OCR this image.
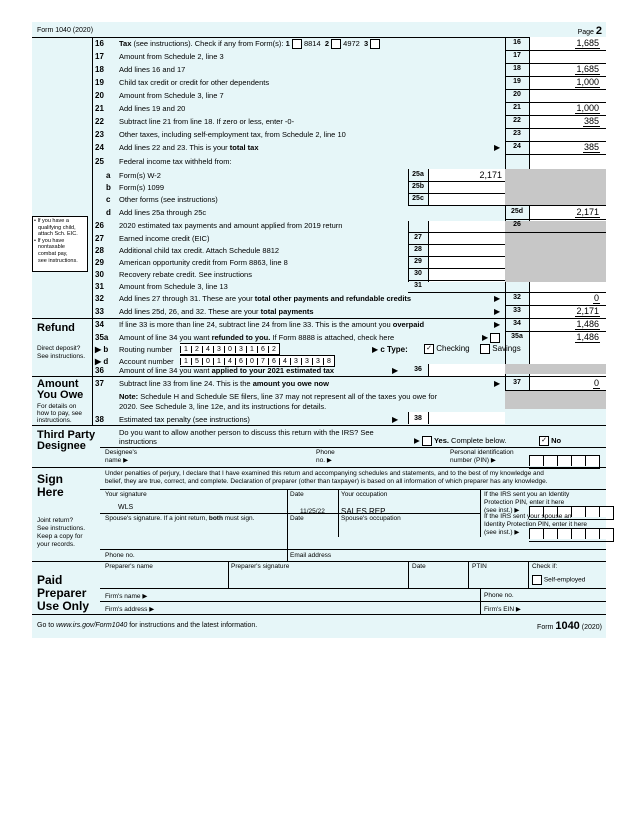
Form 1040 (2020)	Page 2
16 Tax (see instructions). Check if any from Form(s): 1 8814 2 4972 3	16	1,685
17 Amount from Schedule 2, line 3	17
18 Add lines 16 and 17	18	1,685
19 Child tax credit or credit for other dependents	19	1,000
20 Amount from Schedule 3, line 7	20
21 Add lines 19 and 20	21	1,000
22 Subtract line 21 from line 18. If zero or less, enter -0-	22	385
23 Other taxes, including self-employment tax, from Schedule 2, line 10	23
24 Add lines 22 and 23. This is your total tax	▶	24	385
25 Federal income tax withheld from:
a Form(s) W-2	25a	2,171
b Form(s) 1099	25b
c Other forms (see instructions)	25c
d Add lines 25a through 25c	25d	2,171
26 2020 estimated tax payments and amount applied from 2019 return	26
27 Earned income credit (EIC)	27
28 Additional child tax credit. Attach Schedule 8812	28
29 American opportunity credit from Form 8863, line 8	29
30 Recovery rebate credit. See instructions	30
31 Amount from Schedule 3, line 13	31
32 Add lines 27 through 31. These are your total other payments and refundable credits	▶	32	0
33 Add lines 25d, 26, and 32. These are your total payments	▶	33	2,171
Refund
Direct deposit?
See instructions.
34 If line 33 is more than line 24, subtract line 24 from line 33. This is the amount you overpaid	▶	34	1,486
35a Amount of line 34 you want refunded to you. If Form 8888 is attached, check here	▶	35a	1,486
▶ b Routing number	1 2 4 3 0 3 1 6 2	▶ c Type:	✓ Checking	Savings
▶ d Account number	1 5 0 1 4 6 0 7 6 4 3 3 3 8
36 Amount of line 34 you want applied to your 2021 estimated tax	▶	36
Amount
You Owe
For details on
how to pay, see
instructions.
37 Subtract line 33 from line 24. This is the amount you owe now	▶	37	0
Note: Schedule H and Schedule SE filers, line 37 may not represent all of the taxes you owe for
2020. See Schedule 3, line 12e, and its instructions for details.
38 Estimated tax penalty (see instructions)	▶	38
Third Party
Designee
Do you want to allow another person to discuss this return with the IRS? See
instructions	▶  Yes. Complete below.	✓ No
Designee's
name ▶
Phone
no. ▶
Personal identification
number (PIN) ▶
Sign
Here
Joint return?
See instructions.
Keep a copy for
your records.
Under penalties of perjury, I declare that I have examined this return and accompanying schedules and statements, and to the best of my knowledge and
belief, they are true, correct, and complete. Declaration of preparer (other than taxpayer) is based on all information of which preparer has any knowledge.
Your signature
WLS
Date
11/25/22
Your occupation
SALES REP
If the IRS sent you an Identity
Protection PIN, enter it here
(see inst.) ▶
Spouse's signature. If a joint return, both must sign.	Date	Spouse's occupation	If the IRS sent your spouse an
Identity Protection PIN, enter it here
(see inst.) ▶
Phone no.	Email address
Paid
Preparer
Use Only
Preparer's name	Preparer's signature	Date	PTIN	Check if:
Self-employed
Firm's name ▶	Phone no.
Firm's address ▶	Firm's EIN ▶
• If you have a
qualifying child,
attach Sch. EIC.
• If you have
nontaxable
combat pay,
see instructions.
Go to www.irs.gov/Form1040 for instructions and the latest information.	Form 1040 (2020)
